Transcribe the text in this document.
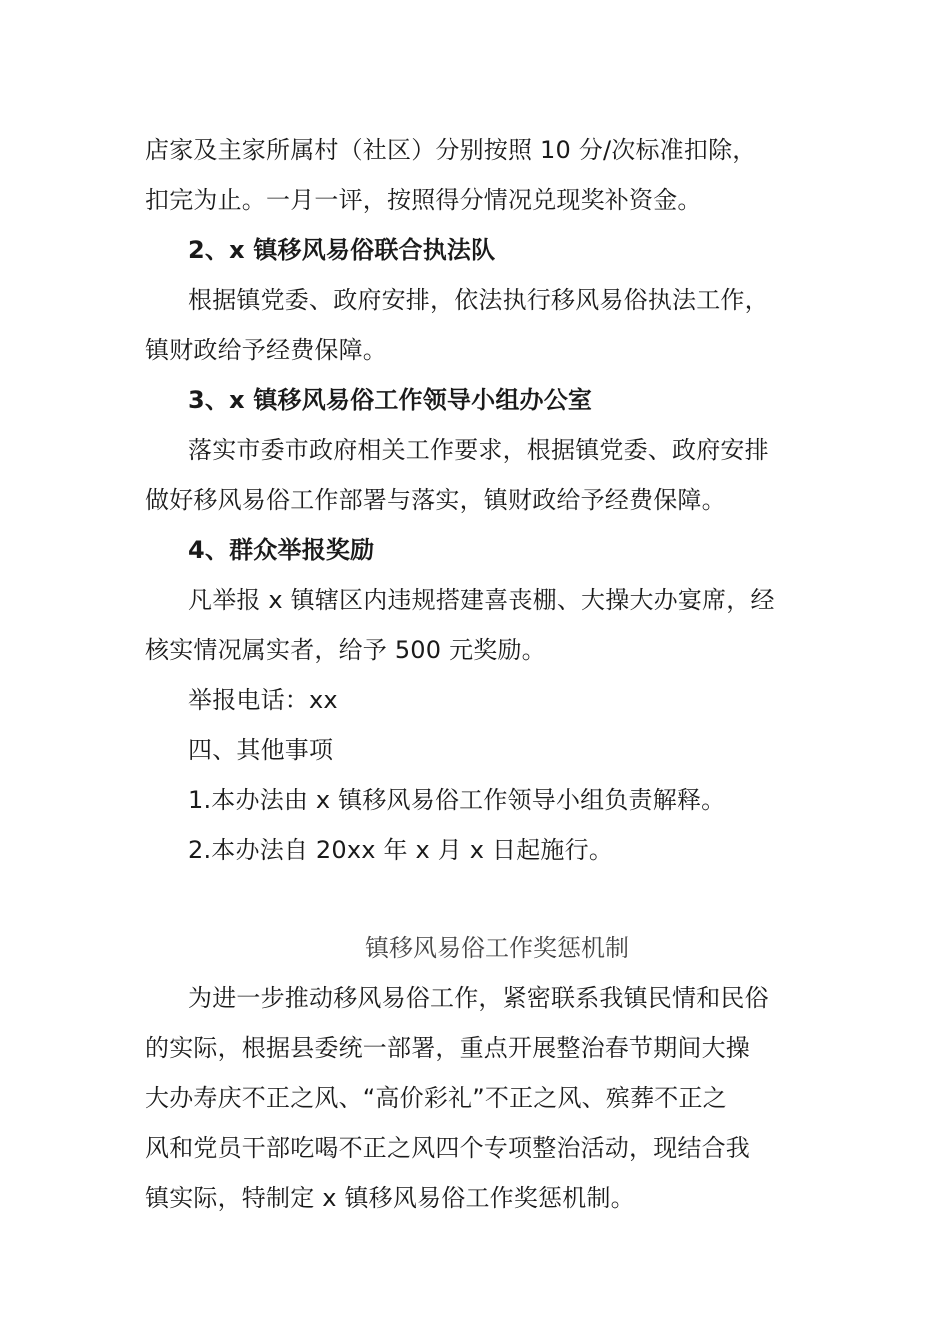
店家及主家所属村（社区）分别按照 10 分/次标准扣除，
扣完为止。一月一评，按照得分情况兑现奖补资金。
2、x 镇移风易俗联合执法队
根据镇党委、政府安排，依法执行移风易俗执法工作，
镇财政给予经费保障。
3、x 镇移风易俗工作领导小组办公室
落实市委市政府相关工作要求，根据镇党委、政府安排
做好移风易俗工作部署与落实，镇财政给予经费保障。
4、群众举报奖励
凡举报 x 镇辖区内违规搭建喜丧棚、大操大办宴席，经
核实情况属实者，给予 500 元奖励。
举报电话：xx
四、其他事项
1.本办法由 x 镇移风易俗工作领导小组负责解释。
2.本办法自 20xx 年 x 月 x 日起施行。
镇移风易俗工作奖惩机制
为进一步推动移风易俗工作，紧密联系我镇民情和民俗
的实际，根据县委统一部署，重点开展整治春节期间大操
大办寿庆不正之风、“高价彩礼”不正之风、殡葬不正之
风和党员干部吃喝不正之风四个专项整治活动，现结合我
镇实际，特制定 x 镇移风易俗工作奖惩机制。
